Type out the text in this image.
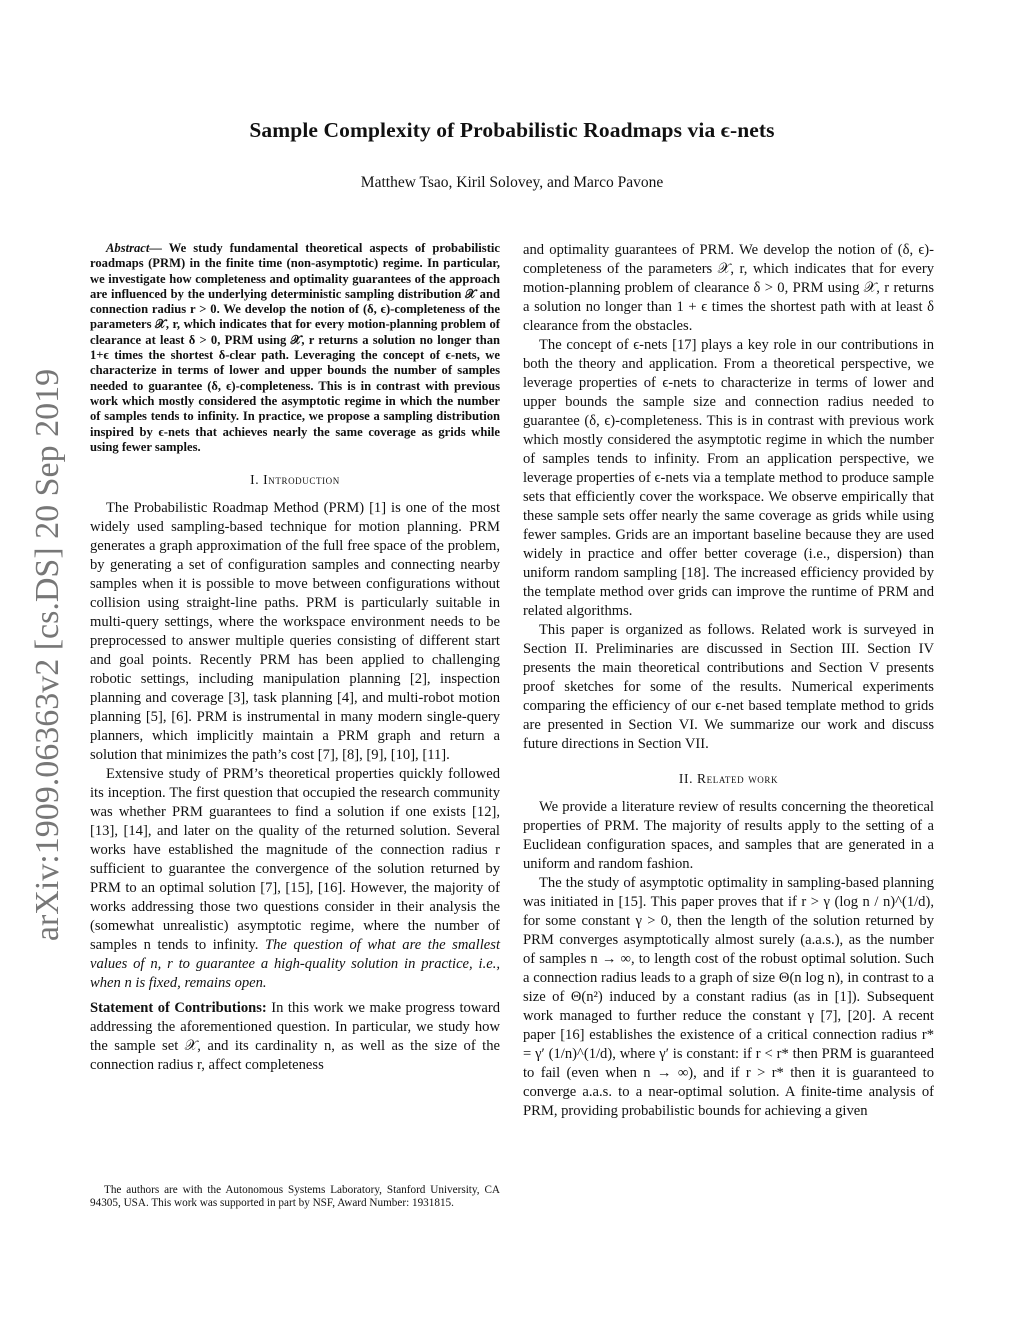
Sample Complexity of Probabilistic Roadmaps via ϵ-nets
Matthew Tsao, Kiril Solovey, and Marco Pavone
arXiv:1909.06363v2 [cs.DS] 20 Sep 2019

Abstract— We study fundamental theoretical aspects of probabilistic roadmaps (PRM) in the finite time (non-asymptotic) regime. In particular, we investigate how completeness and optimality guarantees of the approach are influenced by the underlying deterministic sampling distribution 𝒳 and connection radius r > 0. We develop the notion of (δ, ϵ)-completeness of the parameters 𝒳, r, which indicates that for every motion-planning problem of clearance at least δ > 0, PRM using 𝒳, r returns a solution no longer than 1+ϵ times the shortest δ-clear path. Leveraging the concept of ϵ-nets, we characterize in terms of lower and upper bounds the number of samples needed to guarantee (δ, ϵ)-completeness. This is in contrast with previous work which mostly considered the asymptotic regime in which the number of samples tends to infinity. In practice, we propose a sampling distribution inspired by ϵ-nets that achieves nearly the same coverage as grids while using fewer samples.

I. Introduction

The Probabilistic Roadmap Method (PRM) [1] is one of the most widely used sampling-based technique for motion planning. PRM generates a graph approximation of the full free space of the problem, by generating a set of configuration samples and connecting nearby samples when it is possible to move between configurations without collision using straight-line paths. PRM is particularly suitable in multi-query settings, where the workspace environment needs to be preprocessed to answer multiple queries consisting of different start and goal points. Recently PRM has been applied to challenging robotic settings, including manipulation planning [2], inspection planning and coverage [3], task planning [4], and multi-robot motion planning [5], [6]. PRM is instrumental in many modern single-query planners, which implicitly maintain a PRM graph and return a solution that minimizes the path’s cost [7], [8], [9], [10], [11].

Extensive study of PRM’s theoretical properties quickly followed its inception. The first question that occupied the research community was whether PRM guarantees to find a solution if one exists [12], [13], [14], and later on the quality of the returned solution. Several works have established the magnitude of the connection radius r sufficient to guarantee the convergence of the solution returned by PRM to an optimal solution [7], [15], [16]. However, the majority of works addressing those two questions consider in their analysis the (somewhat unrealistic) asymptotic regime, where the number of samples n tends to infinity. The question of what are the smallest values of n, r to guarantee a high-quality solution in practice, i.e., when n is fixed, remains open.

Statement of Contributions: In this work we make progress toward addressing the aforementioned question. In particular, we study how the sample set 𝒳, and its cardinality n, as well as the size of the connection radius r, affect completeness

The authors are with the Autonomous Systems Laboratory, Stanford University, CA 94305, USA. This work was supported in part by NSF, Award Number: 1931815.

and optimality guarantees of PRM. We develop the notion of (δ, ϵ)-completeness of the parameters 𝒳, r, which indicates that for every motion-planning problem of clearance δ > 0, PRM using 𝒳, r returns a solution no longer than 1 + ϵ times the shortest path with at least δ clearance from the obstacles.

The concept of ϵ-nets [17] plays a key role in our contributions in both the theory and application. From a theoretical perspective, we leverage properties of ϵ-nets to characterize in terms of lower and upper bounds the sample size and connection radius needed to guarantee (δ, ϵ)-completeness. This is in contrast with previous work which mostly considered the asymptotic regime in which the number of samples tends to infinity. From an application perspective, we leverage properties of ϵ-nets via a template method to produce sample sets that efficiently cover the workspace. We observe empirically that these sample sets offer nearly the same coverage as grids while using fewer samples. Grids are an important baseline because they are used widely in practice and offer better coverage (i.e., dispersion) than uniform random sampling [18]. The increased efficiency provided by the template method over grids can improve the runtime of PRM and related algorithms.

This paper is organized as follows. Related work is surveyed in Section II. Preliminaries are discussed in Section III. Section IV presents the main theoretical contributions and Section V presents proof sketches for some of the results. Numerical experiments comparing the efficiency of our ϵ-net based template method to grids are presented in Section VI. We summarize our work and discuss future directions in Section VII.

II. Related work

We provide a literature review of results concerning the theoretical properties of PRM. The majority of results apply to the setting of a Euclidean configuration spaces, and samples that are generated in a uniform and random fashion.

The the study of asymptotic optimality in sampling-based planning was initiated in [15]. This paper proves that if r > γ (log n / n)^(1/d), for some constant γ > 0, then the length of the solution returned by PRM converges asymptotically almost surely (a.a.s.), as the number of samples n → ∞, to length cost of the robust optimal solution. Such a connection radius leads to a graph of size Θ(n log n), in contrast to a size of Θ(n²) induced by a constant radius (as in [1]). Subsequent work managed to further reduce the constant γ [7], [20]. A recent paper [16] establishes the existence of a critical connection radius r* = γ′ (1/n)^(1/d), where γ′ is constant: if r < r* then PRM is guaranteed to fail (even when n → ∞), and if r > r* then it is guaranteed to converge a.a.s. to a near-optimal solution. A finite-time analysis of PRM, providing probabilistic bounds for achieving a given
